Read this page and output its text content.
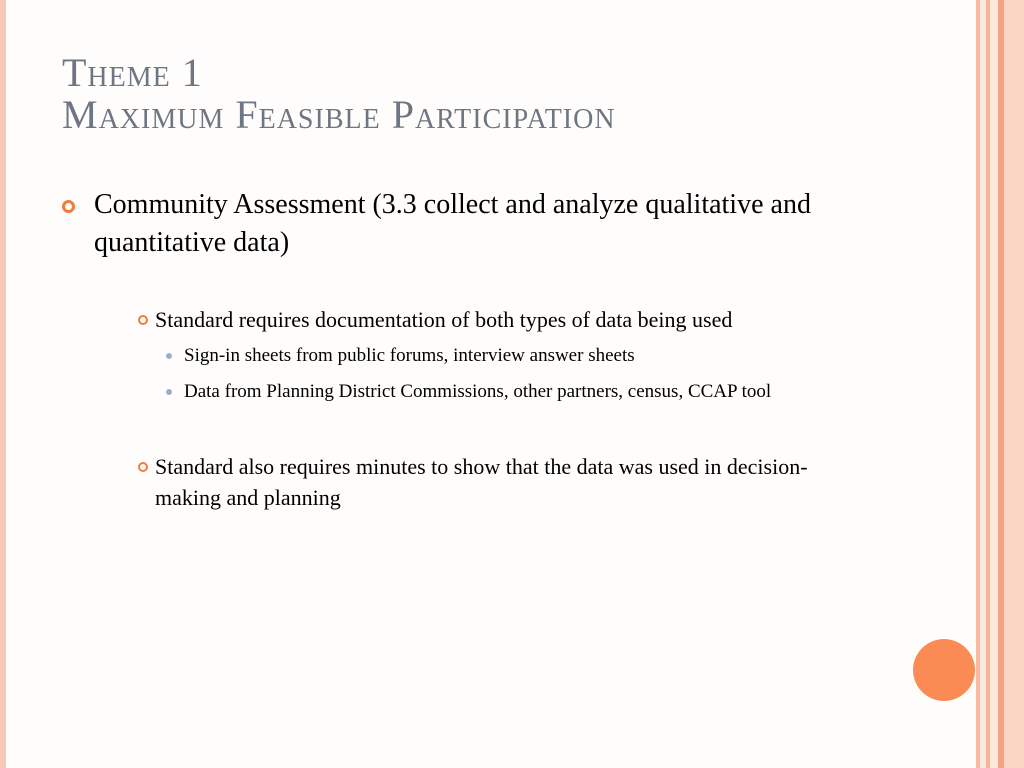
Theme 1
Maximum Feasible Participation

Community Assessment (3.3 collect and analyze qualitative and quantitative data)

Standard requires documentation of both types of data being used

Sign-in sheets from public forums, interview answer sheets

Data from Planning District Commissions, other partners, census, CCAP tool

Standard also requires minutes to show that the data was used in decision-making and planning
